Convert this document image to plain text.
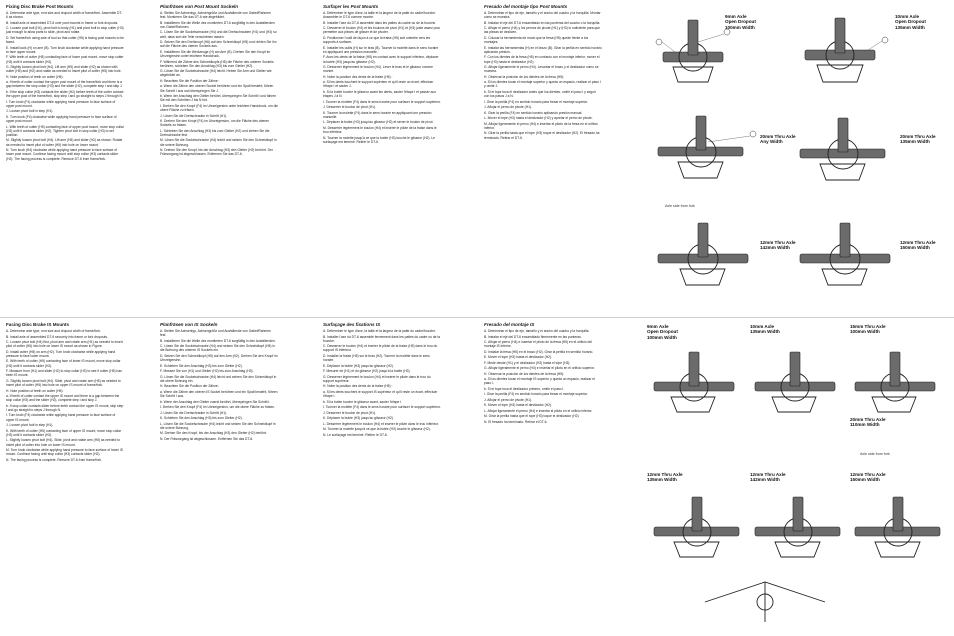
Fixing Disc Brake Post Mounts
A. Determine axle type, end size and dropout width of frame/fork. Assemble DT-6 as shown.
B. Install axle of assembled DT-6 over post mounts in frame or fork dropouts.
C. Loosen post bolt (H4), pivot bolt to body (H1) and pivot bolt to stop cutter (H3) just enough to allow parts to slide, pivot and rotate.
D. Set frame/fork using axle of tool so that cutter (H5) is facing post mounts to be faced.
E. Install tools (H) on arm (B). Turn knob clockwise while applying hand pressure to face upper mount.
F. With teeth of cutter (H5) contacting face of lower post mount, move stop cutter (H3) until it contacts slider (H2).
G. Slightly loosen pivot bolt (H4). Lift arm (H5) and slider (H2) as shown with cutter (H5) and (H2) and rotate as needed to insert pilot of cutter (H5) into hole.
H. Note position of teeth on cutter (H5):
a. If teeth of cutter contact the upper post mount of the frame/fork and there is a gap between the stop collar (H3) and the slider (H2), complete step I and skip J.
b. If the stop collar (H3) contacts the slider (H2) before teeth of the cutter contact the upper post of the frame/fork, skip step I and go straight to steps J through N.
I. Turn knob (F4) clockwise while applying hand pressure to face surface of upper post mount.
J. Loosen pivot bolt in step (H1).
K. Turn knob (F4) clockwise while applying hand pressure to face surface of upper post mount.
L. With teeth of cutter (H5) contacting face of upper post mount, move stop collar (H3) until it contacts slider (H2). Tighten pivot bolt in stop collar (H3) to set position.
M. Slightly loosen pivot bolt (H4). Lift arm (H5) and slider (H2) as shown. Rotate as needed to insert pilot of cutter (H5) into hole on lower mount.
N. Turn knob (H4) clockwise while applying hand pressure to face surface of lower post mount. Continue facing mount until stop collar (H3) contacts slider (H2). The facing process is complete. Remove DT-6 from frame/fork.
Planfräsen von Post Mount Sockeln
A. Stellen Sie Achsentyp, Achsengröße und Ausfallende von Gabel/Rahmen fest. Montieren Sie das DT-6 wie abgebildet.
B. Installieren Sie die Welle des montierten DT-6 sorgfältig in den Ausfallenden von Gabel/Rahmen.
C. Lösen Sie die Sockelschraube (H4) und die Drehschrauben (H1) und (H3) so weit, dass sich die Teile verschieben lassen.
D. Setzen Sie den Drehknopf (H6) auf den Schneidkopf (H5) und richten Sie ihn auf die Fläche des oberen Sockels aus.
E. Installieren Sie die Werkzeuge (H) am Arm (B). Drehen Sie den Knopf im Uhrzeigersinn unter leichtem Handdruck.
F. Während die Zähne des Schneidkopfs (H5) die Fläche des unteren Sockels berühren, schieben Sie den Anschlag (H3) bis zum Gleiter (H2).
G. Lösen Sie die Sockelschraube (H4) leicht. Heben Sie Arm und Gleiter wie abgebildet an.
H. Beachten Sie die Position der Zähne:
a. Wenn die Zähne den oberen Sockel berühren und ein Spalt besteht, führen Sie Schritt I aus und überspringen Sie J.
b. Wenn der Anschlag den Gleiter berührt, überspringen Sie Schritt I und fahren Sie mit den Schritten J bis N fort.
I. Drehen Sie den Knopf (F4) im Uhrzeigersinn unter leichtem Handdruck, um die obere Fläche zu fräsen.
J. Lösen Sie die Drehschraube in Schritt (H1).
K. Drehen Sie den Knopf (F4) im Uhrzeigersinn, um die Fläche des oberen Sockels zu fräsen.
L. Schieben Sie den Anschlag (H3) bis zum Gleiter (H2) und ziehen Sie die Drehschraube fest.
M. Lösen Sie die Sockelschraube (H4) leicht und setzen Sie den Schneidkopf in die untere Bohrung.
N. Drehen Sie den Knopf, bis der Anschlag (H3) den Gleiter (H2) berührt. Der Fräsvorgang ist abgeschlossen. Entfernen Sie das DT-6.
Surfaçer les Post Mounts
A. Déterminer le type d'axe, la taille et la largeur de la patte du cadre/fourche. Assembler le DT-6 comme montré.
B. Installer l'axe du DT-6 assemblé dans les pattes du cadre ou de la fourche.
C. Desserrer le boulon (H4) et les boulons de pivot (H1) et (H3) juste assez pour permettre aux pièces de glisser et de pivoter.
D. Positionner l'outil de façon à ce que la fraise (H5) soit orientée vers les supports à surfacer.
E. Installer les outils (H) sur le bras (B). Tourner la molette dans le sens horaire en appliquant une pression manuelle.
F. Avec les dents de la fraise (H5) en contact avec le support inférieur, déplacer la butée (H3) jusqu'au glisseur (H2).
G. Desserrer légèrement le boulon (H4). Lever le bras et le glisseur comme montré.
H. Noter la position des dents de la fraise (H5) :
a. Si les dents touchent le support supérieur et qu'il reste un écart, effectuer l'étape I et sauter J.
b. Si la butée touche le glisseur avant les dents, sauter l'étape I et passer aux étapes J à N.
I. Tourner la molette (F4) dans le sens horaire pour surfacer le support supérieur.
J. Desserrer le boulon de pivot (H1).
K. Tourner la molette (F4) dans le sens horaire en appliquant une pression manuelle.
L. Déplacer la butée (H3) jusqu'au glisseur (H2) et serrer le boulon de pivot.
M. Desserrer légèrement le boulon (H4) et insérer le pilote de la fraise dans le trou inférieur.
N. Tourner la molette jusqu'à ce que la butée (H3) touche le glisseur (H2). Le surfaçage est terminé. Retirer le DT-6.
Fresado del montaje tipo Post Mounts
A. Determinar el tipo de eje, tamaño y el ancho del cuadro y la horquilla. Montar como se muestra.
B. Instalar el eje del DT-6 ensamblado en las punteras del cuadro o la horquilla.
C. Aflojar el perno (H4) y los pernos de pivote (H1) y (H3) lo suficiente para que las piezas se deslicen.
D. Colocar la herramienta de modo que la fresa (H5) quede frente a los montajes.
E. Instalar las herramientas (H) en el brazo (B). Girar la perilla en sentido horario aplicando presión.
F. Con los dientes de la fresa (H5) en contacto con el montaje inferior, mover el tope (H3) hasta el deslizador (H2).
G. Aflojar ligeramente el perno (H4). Levantar el brazo y el deslizador como se muestra.
H. Observar la posición de los dientes de la fresa (H5):
a. Si los dientes tocan el montaje superior y queda un espacio, realizar el paso I y omitir J.
b. Si el tope toca el deslizador antes que los dientes, omitir el paso I y seguir con los pasos J a N.
I. Girar la perilla (F4) en sentido horario para fresar el montaje superior.
J. Aflojar el perno de pivote (H1).
K. Girar la perilla (F4) en sentido horario aplicando presión manual.
L. Mover el tope (H3) hasta el deslizador (H2) y apretar el perno de pivote.
M. Aflojar ligeramente el perno (H4) e insertar el piloto de la fresa en el orificio inferior.
N. Girar la perilla hasta que el tope (H3) toque el deslizador (H2). El fresado ha terminado. Retirar el DT-6.
9mm Axle
Open Dropout
100mm Width
10mm Axle
Open Dropout
135mm Width
20mm Thru Axle
Any Width
20mm Thru Axle
135mm Width
12mm Thru Axle
142mm Width
12mm Thru Axle
150mm Width
Axle side from fork
Facing Disc Brake IS Mounts
A. Determine axle type, end size and dropout width of frame/fork.
B. Install axle of assembled DT-6 securely into frame or fork dropouts.
C. Loosen pivot bolt (H4) first, pivot arm and rotate arm (H1) as needed to insert pilot of cutter (H5) into hole on lower IS mount as shown in Figure.
D. Install cutter (H5) on arm (H2). Turn knob clockwise while applying hand pressure to face lower mount.
E. With teeth of cutter (H5) contacting face of lower IS mount, move stop collar (H3) until it contacts slider (H2).
F. Measure from (H1) and slider (H2) to stop collar (H3) to see if cutter (H5) has been IS mount.
G. Slightly loosen pivot bolt (H4). Slide, pivot and rotate arm (H5) as needed to insert pilot of cutter (H5) into hole on upper IS mount of frame/fork.
H. Note position of teeth on cutter (H5):
a. If teeth of cutter contact the upper IS mount and there is a gap between the stop collar (H3) and the slider (H2), complete step I and skip J.
b. If stop collar contacts slider before teeth contact the upper IS mount, skip step I and go straight to steps J through N.
I. Turn knob (F4) clockwise while applying hand pressure to face surface of upper IS mount.
J. Loosen pivot bolt in step (H1).
K. With teeth of cutter (H5) contacting face of upper IS mount, move stop collar (H3) until it contacts slider (H2).
L. Slightly loosen pivot bolt (H4). Slide, pivot and rotate arm (H5) as needed to insert pilot of cutter into hole on lower IS mount.
M. Turn knob clockwise while applying hand pressure to face surface of lower IS mount. Continue facing until stop collar (H3) contacts slider (H2).
N. The facing process is complete. Remove DT-6 from frame/fork.
Planfräsen von IS Sockeln
A. Stellen Sie Achsentyp, Achsengröße und Ausfallende von Gabel/Rahmen fest.
B. Installieren Sie die Welle des montierten DT-6 sorgfältig in den Ausfallenden.
C. Lösen Sie die Sockelschraube (H4) und setzen Sie den Schneidkopf (H5) in die Bohrung des unteren IS Sockels ein.
D. Setzen Sie den Schneidkopf (H5) auf den Arm (H2). Drehen Sie den Knopf im Uhrzeigersinn.
E. Schieben Sie den Anschlag (H3) bis zum Gleiter (H2).
F. Messen Sie von (H1) und Gleiter (H2) bis zum Anschlag (H3).
G. Lösen Sie die Sockelschraube (H4) leicht und setzen Sie den Schneidkopf in die obere Bohrung ein.
H. Beachten Sie die Position der Zähne:
a. Wenn die Zähne den oberen IS Sockel berühren und ein Spalt besteht, führen Sie Schritt I aus.
b. Wenn der Anschlag den Gleiter zuerst berührt, überspringen Sie Schritt I.
I. Drehen Sie den Knopf (F4) im Uhrzeigersinn, um die obere Fläche zu fräsen.
J. Lösen Sie die Drehschraube in Schritt (H1).
K. Schieben Sie den Anschlag (H3) bis zum Gleiter (H2).
L. Lösen Sie die Sockelschraube (H4) leicht und setzen Sie den Schneidkopf in die untere Bohrung.
M. Drehen Sie den Knopf, bis der Anschlag (H3) den Gleiter (H2) berührt.
N. Der Fräsvorgang ist abgeschlossen. Entfernen Sie das DT-6.
Surfaçage des fixations IS
A. Déterminer le type d'axe, la taille et la largeur de la patte du cadre/fourche.
B. Installer l'axe du DT-6 assemblé fermement dans les pattes du cadre ou de la fourche.
C. Desserrer le boulon (H4) et insérer le pilote de la fraise (H5) dans le trou du support IS inférieur.
D. Installer la fraise (H5) sur le bras (H2). Tourner la molette dans le sens horaire.
E. Déplacer la butée (H3) jusqu'au glisseur (H2).
F. Mesurer de (H1) et du glisseur (H2) jusqu'à la butée (H3).
G. Desserrer légèrement le boulon (H4) et insérer le pilote dans le trou du support supérieur.
H. Noter la position des dents de la fraise (H5) :
a. Si les dents touchent le support IS supérieur et qu'il reste un écart, effectuer l'étape I.
b. Si la butée touche le glisseur avant, sauter l'étape I.
I. Tourner la molette (F4) dans le sens horaire pour surfacer le support supérieur.
J. Desserrer le boulon de pivot (H1).
K. Déplacer la butée (H3) jusqu'au glisseur (H2).
L. Desserrer légèrement le boulon (H4) et insérer le pilote dans le trou inférieur.
M. Tourner la molette jusqu'à ce que la butée (H3) touche le glisseur (H2).
N. Le surfaçage est terminé. Retirer le DT-6.
Fresado del montaje IS
A. Determinar el tipo de eje, tamaño y el ancho del cuadro y la horquilla.
B. Instalar el eje del DT-6 ensamblado firmemente en las punteras.
C. Aflojar el perno (H4) e insertar el piloto de la fresa (H5) en el orificio del montaje IS inferior.
D. Instalar la fresa (H5) en el brazo (H2). Girar la perilla en sentido horario.
E. Mover el tope (H3) hasta el deslizador (H2).
F. Medir desde (H1) y el deslizador (H2) hasta el tope (H3).
G. Aflojar ligeramente el perno (H4) e insertar el piloto en el orificio superior.
H. Observar la posición de los dientes de la fresa (H5):
a. Si los dientes tocan el montaje IS superior y queda un espacio, realizar el paso I.
b. Si el tope toca el deslizador primero, omitir el paso I.
I. Girar la perilla (F4) en sentido horario para fresar el montaje superior.
J. Aflojar el perno de pivote (H1).
K. Mover el tope (H3) hasta el deslizador (H2).
L. Aflojar ligeramente el perno (H4) e insertar el piloto en el orificio inferior.
M. Girar la perilla hasta que el tope (H3) toque el deslizador (H2).
N. El fresado ha terminado. Retirar el DT-6.
9mm Axle
Open Dropout
100mm Width
10mm Axle
135mm Width
15mm Thru Axle
100mm Width
12mm Thru Axle
135mm Width
12mm Thru Axle
142mm Width
12mm Thru Axle
150mm Width
20mm Thru Axle
110mm Width
Axle side from fork
